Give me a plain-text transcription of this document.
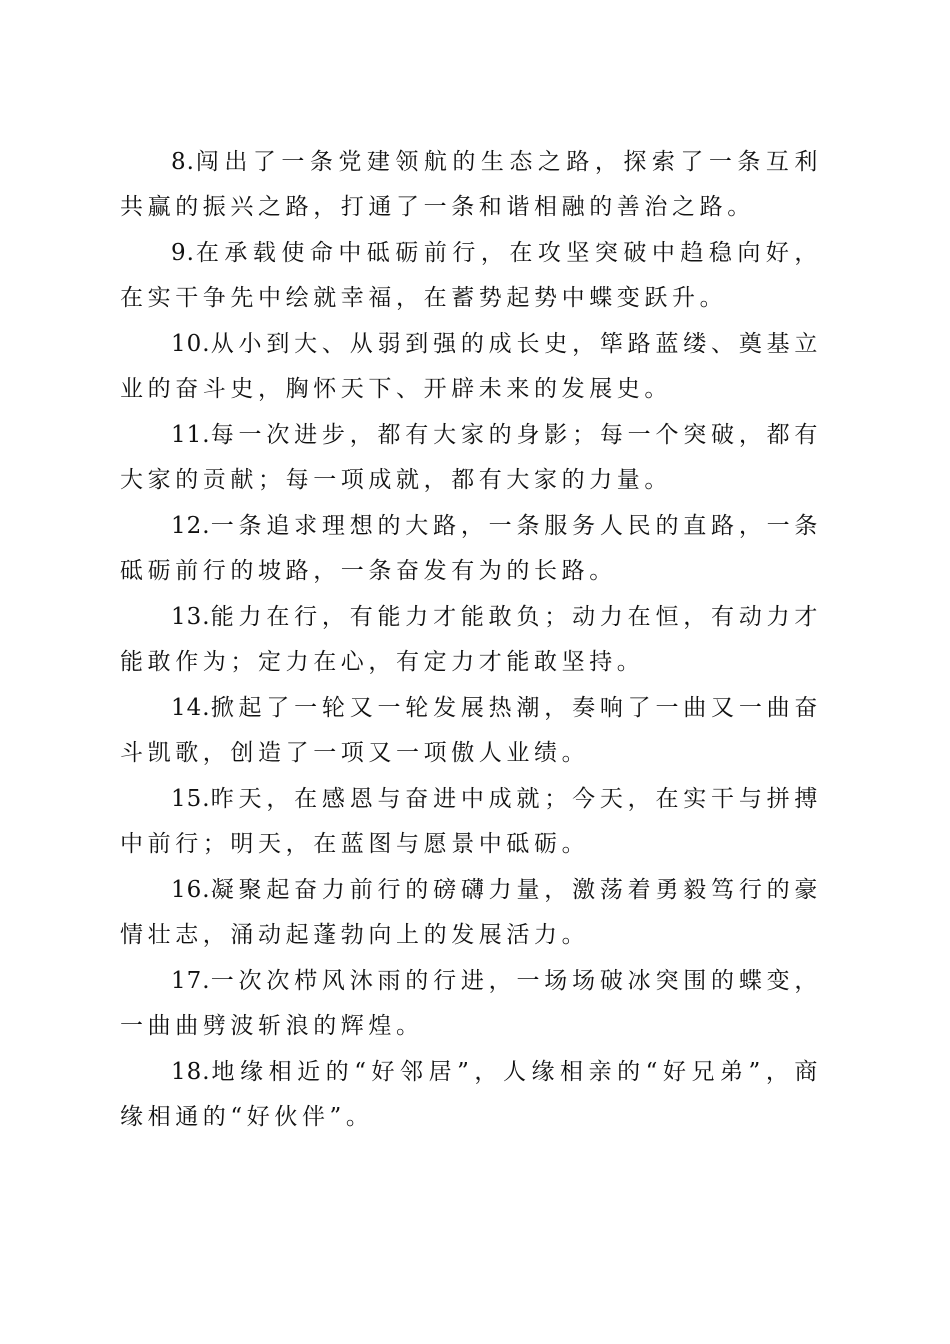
8.闯出了一条党建领航的生态之路，探索了一条互利共赢的振兴之路，打通了一条和谐相融的善治之路。

9.在承载使命中砥砺前行，在攻坚突破中趋稳向好，在实干争先中绘就幸福，在蓄势起势中蝶变跃升。

10.从小到大、从弱到强的成长史，筚路蓝缕、奠基立业的奋斗史，胸怀天下、开辟未来的发展史。

11.每一次进步，都有大家的身影；每一个突破，都有大家的贡献；每一项成就，都有大家的力量。

12.一条追求理想的大路，一条服务人民的直路，一条砥砺前行的坡路，一条奋发有为的长路。

13.能力在行，有能力才能敢负；动力在恒，有动力才能敢作为；定力在心，有定力才能敢坚持。

14.掀起了一轮又一轮发展热潮，奏响了一曲又一曲奋斗凯歌，创造了一项又一项傲人业绩。

15.昨天，在感恩与奋进中成就；今天，在实干与拼搏中前行；明天，在蓝图与愿景中砥砺。

16.凝聚起奋力前行的磅礴力量，激荡着勇毅笃行的豪情壮志，涌动起蓬勃向上的发展活力。

17.一次次栉风沐雨的行进，一场场破冰突围的蝶变，一曲曲劈波斩浪的辉煌。

18.地缘相近的“好邻居”，人缘相亲的“好兄弟”，商缘相通的“好伙伴”。
